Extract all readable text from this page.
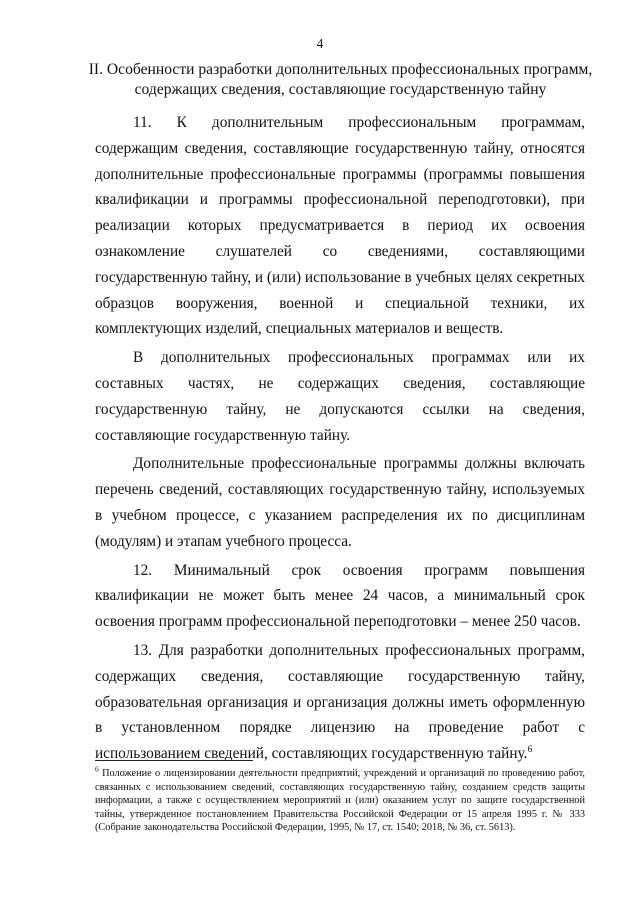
4
II. Особенности разработки дополнительных профессиональных программ,
содержащих сведения, составляющие государственную тайну

11. К дополнительным профессиональным программам, содержащим сведения, составляющие государственную тайну, относятся дополнительные профессиональные программы (программы повышения квалификации и программы профессиональной переподготовки), при реализации которых предусматривается в период их освоения ознакомление слушателей со сведениями, составляющими государственную тайну, и (или) использование в учебных целях секретных образцов вооружения, военной и специальной техники, их комплектующих изделий, специальных материалов и веществ.

В дополнительных профессиональных программах или их составных частях, не содержащих сведения, составляющие государственную тайну, не допускаются ссылки на сведения, составляющие государственную тайну.

Дополнительные профессиональные программы должны включать перечень сведений, составляющих государственную тайну, используемых в учебном процессе, с указанием распределения их по дисциплинам (модулям) и этапам учебного процесса.

12. Минимальный срок освоения программ повышения квалификации не может быть менее 24 часов, а минимальный срок освоения программ профессиональной переподготовки – менее 250 часов.

13. Для разработки дополнительных профессиональных программ, содержащих сведения, составляющие государственную тайну, образовательная организация и организация должны иметь оформленную в установленном порядке лицензию на проведение работ с использованием сведений, составляющих государственную тайну.$^6$

$^6$ Положение о лицензировании деятельности предприятий, учреждений и организаций по проведению работ, связанных с использованием сведений, составляющих государственную тайну, созданием средств защиты информации, а также с осуществлением мероприятий и (или) оказанием услуг по защите государственной тайны, утвержденное постановлением Правительства Российской Федерации от 15 апреля 1995 г. № 333 (Собрание законодательства Российской Федерации, 1995, № 17, ст. 1540; 2018, № 36, ст. 5613).
